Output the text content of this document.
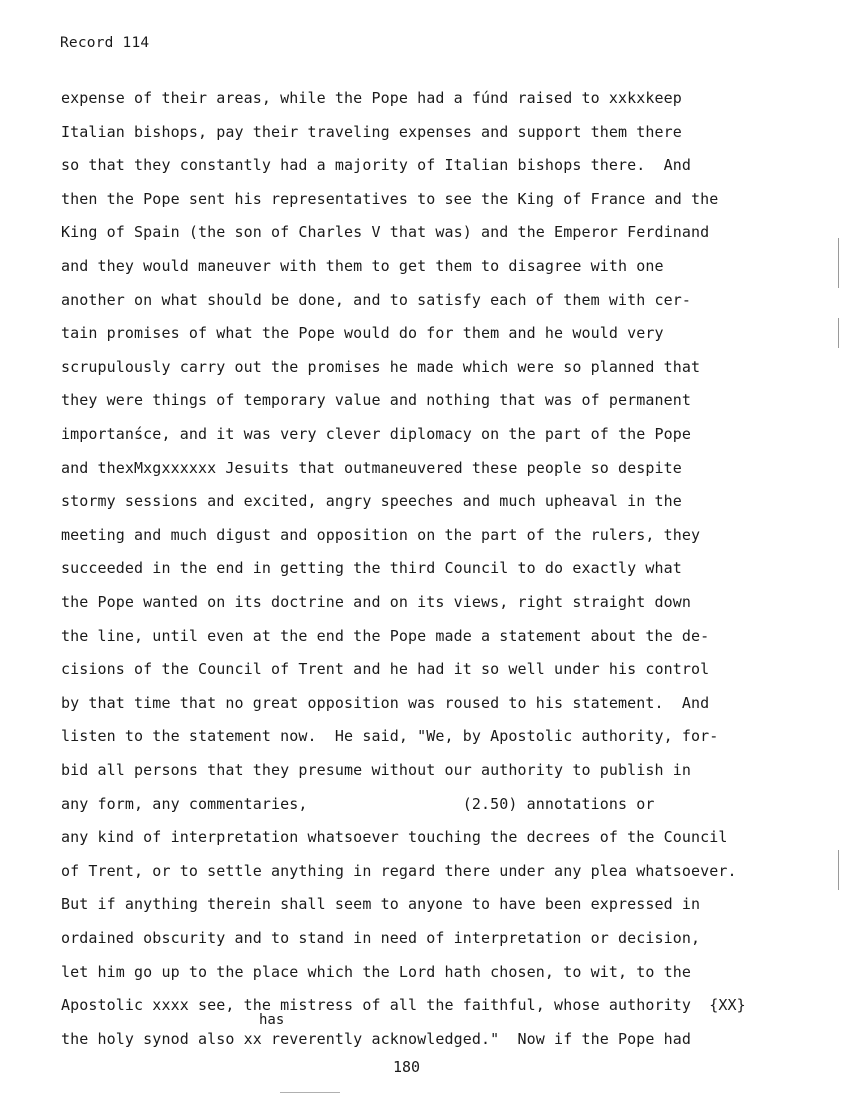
Record 114
expense of their areas, while the Pope had a fúnd raised to xxkxkeep
Italian bishops, pay their traveling expenses and support them there
so that they constantly had a majority of Italian bishops there.  And
then the Pope sent his representatives to see the King of France and the
King of Spain (the son of Charles V that was) and the Emperor Ferdinand
and they would maneuver with them to get them to disagree with one
another on what should be done, and to satisfy each of them with cer-
tain promises of what the Pope would do for them and he would very
scrupulously carry out the promises he made which were so planned that
they were things of temporary value and nothing that was of permanent
importanśce, and it was very clever diplomacy on the part of the Pope
and thexMxgxxxxxx Jesuits that outmaneuvered these people so despite
stormy sessions and excited, angry speeches and much upheaval in the
meeting and much digust and opposition on the part of the rulers, they
succeeded in the end in getting the third Council to do exactly what
the Pope wanted on its doctrine and on its views, right straight down
the line, until even at the end the Pope made a statement about the de-
cisions of the Council of Trent and he had it so well under his control
by that time that no great opposition was roused to his statement.  And
listen to the statement now.  He said, "We, by Apostolic authority, for-
bid all persons that they presume without our authority to publish in
any form, any commentaries,                 (2.50) annotations or
any kind of interpretation whatsoever touching the decrees of the Council
of Trent, or to settle anything in regard there under any plea whatsoever.
But if anything therein shall seem to anyone to have been expressed in
ordained obscurity and to stand in need of interpretation or decision,
let him go up to the place which the Lord hath chosen, to wit, to the
Apostolic xxxx see, the mistress of all the faithful, whose authority  {XX}
the holy synod also xx reverently acknowledged."  Now if the Pope had
has
180
